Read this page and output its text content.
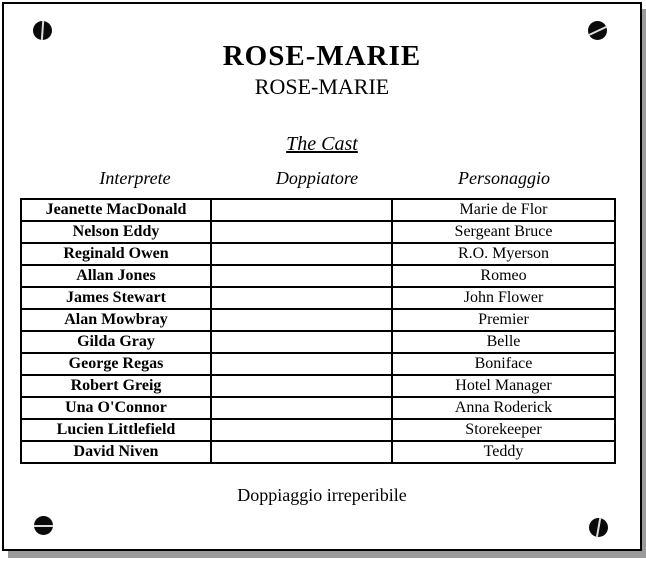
ROSE-MARIE
ROSE-MARIE
The Cast
Interprete	Doppiatore	Personaggio
Jeanette MacDonald		Marie de Flor
Nelson Eddy		Sergeant Bruce
Reginald Owen		R.O. Myerson
Allan Jones		Romeo
James Stewart		John Flower
Alan Mowbray		Premier
Gilda Gray		Belle
George Regas		Boniface
Robert Greig		Hotel Manager
Una O'Connor		Anna Roderick
Lucien Littlefield		Storekeeper
David Niven		Teddy
Doppiaggio irreperibile
